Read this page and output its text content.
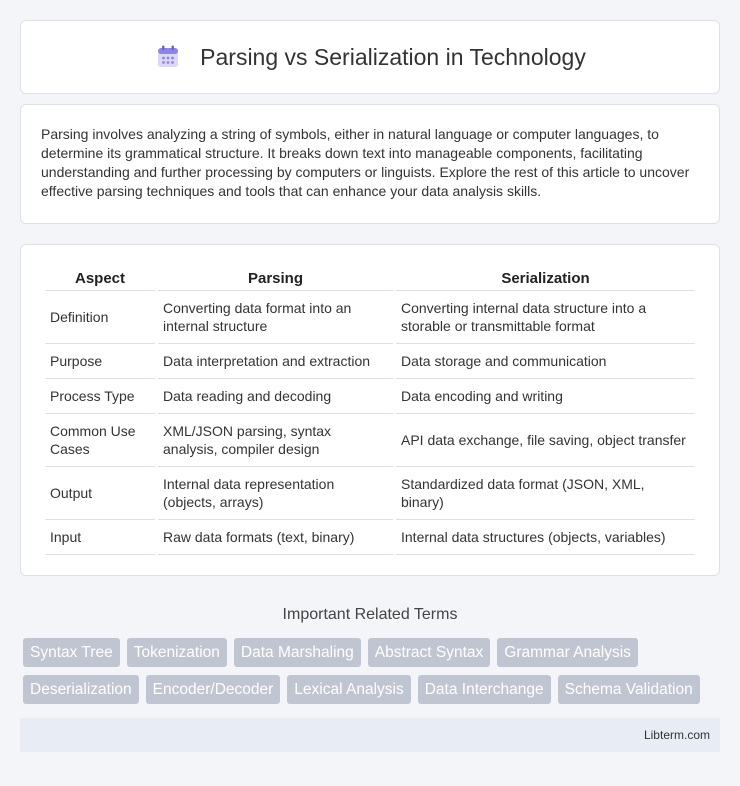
Parsing vs Serialization in Technology

Parsing involves analyzing a string of symbols, either in natural language or computer languages, to determine its grammatical structure. It breaks down text into manageable components, facilitating understanding and further processing by computers or linguists. Explore the rest of this article to uncover effective parsing techniques and tools that can enhance your data analysis skills.

Aspect	Parsing	Serialization
Definition	Converting data format into an internal structure	Converting internal data structure into a storable or transmittable format
Purpose	Data interpretation and extraction	Data storage and communication
Process Type	Data reading and decoding	Data encoding and writing
Common Use Cases	XML/JSON parsing, syntax analysis, compiler design	API data exchange, file saving, object transfer
Output	Internal data representation (objects, arrays)	Standardized data format (JSON, XML, binary)
Input	Raw data formats (text, binary)	Internal data structures (objects, variables)
Important Related Terms
Syntax Tree	Tokenization	Data Marshaling	Abstract Syntax	Grammar Analysis
Deserialization	Encoder/Decoder	Lexical Analysis	Data Interchange	Schema Validation
Libterm.com
